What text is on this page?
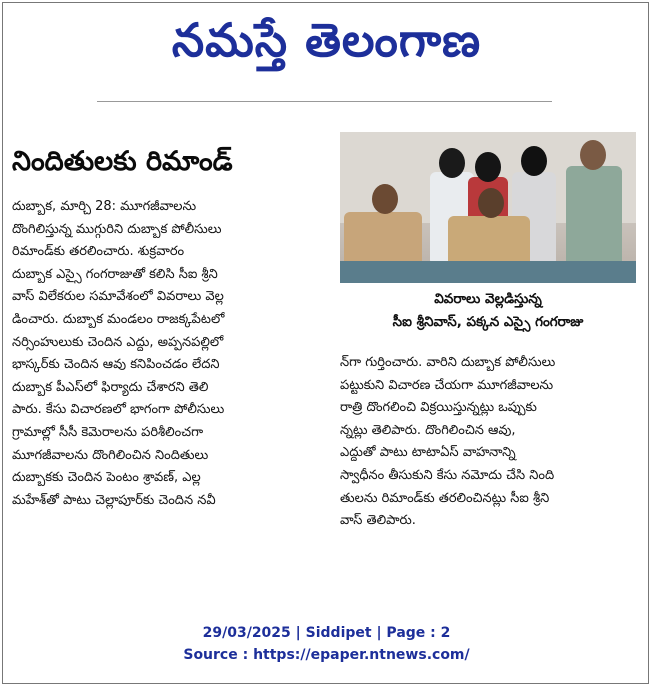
నమస్తే తెలంగాణ
నిందితులకు రిమాండ్
వివరాలు వెల్లడిస్తున్న
సీఐ శ్రీనివాస్, పక్కన ఎస్సై గంగరాజు
దుబ్బాక, మార్చి 28: మూగజీవాలను
దొంగిలిస్తున్న ముగ్గురిని దుబ్బాక పోలీసులు
రిమాండ్‌కు తరలించారు. శుక్రవారం
దుబ్బాక ఎస్సై గంగరాజుతో కలిసి సీఐ శ్రీని
వాస్ విలేకరుల సమావేశంలో వివరాలు వెల్ల
డించారు. దుబ్బాక మండలం రాజక్కపేటలో
నర్సింహులుకు చెందిన ఎద్దు, అప్పనపల్లిలో
భాస్కర్‌కు చెందిన ఆవు కనిపించడం లేదని
దుబ్బాక పీఎస్‌లో ఫిర్యాదు చేశారని తెలి
పారు. కేసు విచారణలో భాగంగా పోలీసులు
గ్రామాల్లో సీసీ కెమెరాలను పరిశీలించగా
మూగజీవాలను దొంగిలించిన నిందితులు
దుబ్బాకకు చెందిన పెంటం శ్రావణ్, ఎల్ల
మహేశ్‌తో పాటు చెల్లాపూర్‌కు చెందిన నవీ
న్‌గా గుర్తించారు. వారిని దుబ్బాక పోలీసులు
పట్టుకుని విచారణ చేయగా మూగజీవాలను
రాత్రి దొంగలించి విక్రయిస్తున్నట్లు ఒప్పుకు
న్నట్లు తెలిపారు. దొంగిలించిన ఆవు,
ఎద్దుతో పాటు టాటాఏస్ వాహనాన్ని
స్వాధీనం తీసుకుని కేసు నమోదు చేసి నింది
తులను రిమాండ్‌కు తరలించినట్లు సీఐ శ్రీని
వాస్ తెలిపారు.
29/03/2025 | Siddipet | Page : 2
Source : https://epaper.ntnews.com/
